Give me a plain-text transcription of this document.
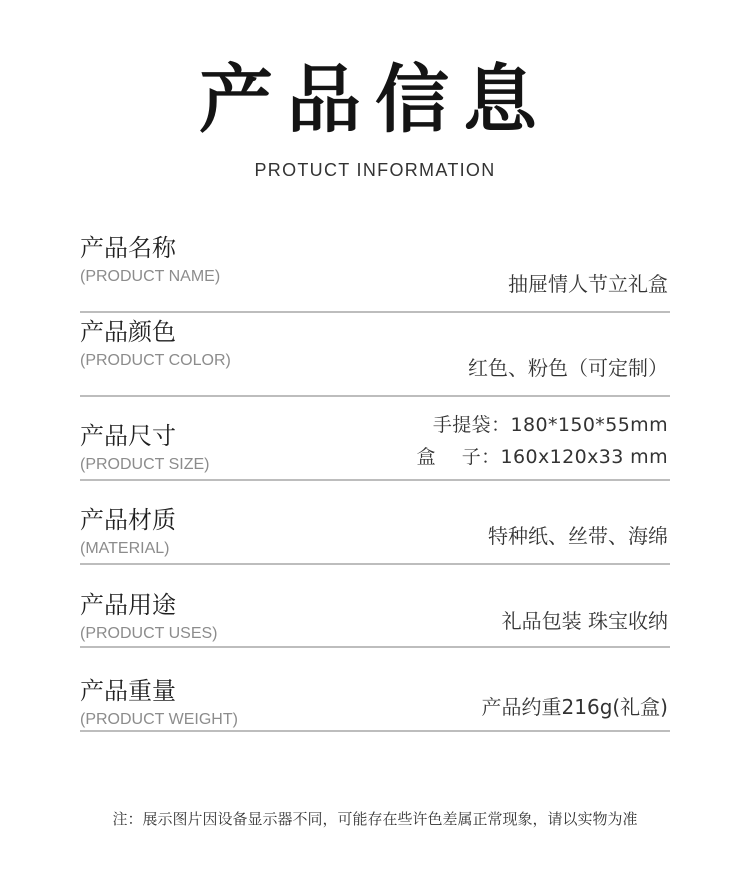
产品信息
PROTUCT INFORMATION
产品名称
(PRODUCT NAME)	抽屉情人节立礼盒
产品颜色
(PRODUCT COLOR)	红色、粉色（可定制）
产品尺寸
(PRODUCT SIZE)
手提袋：180*150*55mm
盒    子：160x120x33 mm
产品材质
(MATERIAL)
特种纸、丝带、海绵
产品用途
(PRODUCT USES)
礼品包装 珠宝收纳
产品重量
(PRODUCT WEIGHT)
产品约重216g(礼盒)
注：展示图片因设备显示器不同，可能存在些许色差属正常现象，请以实物为准
